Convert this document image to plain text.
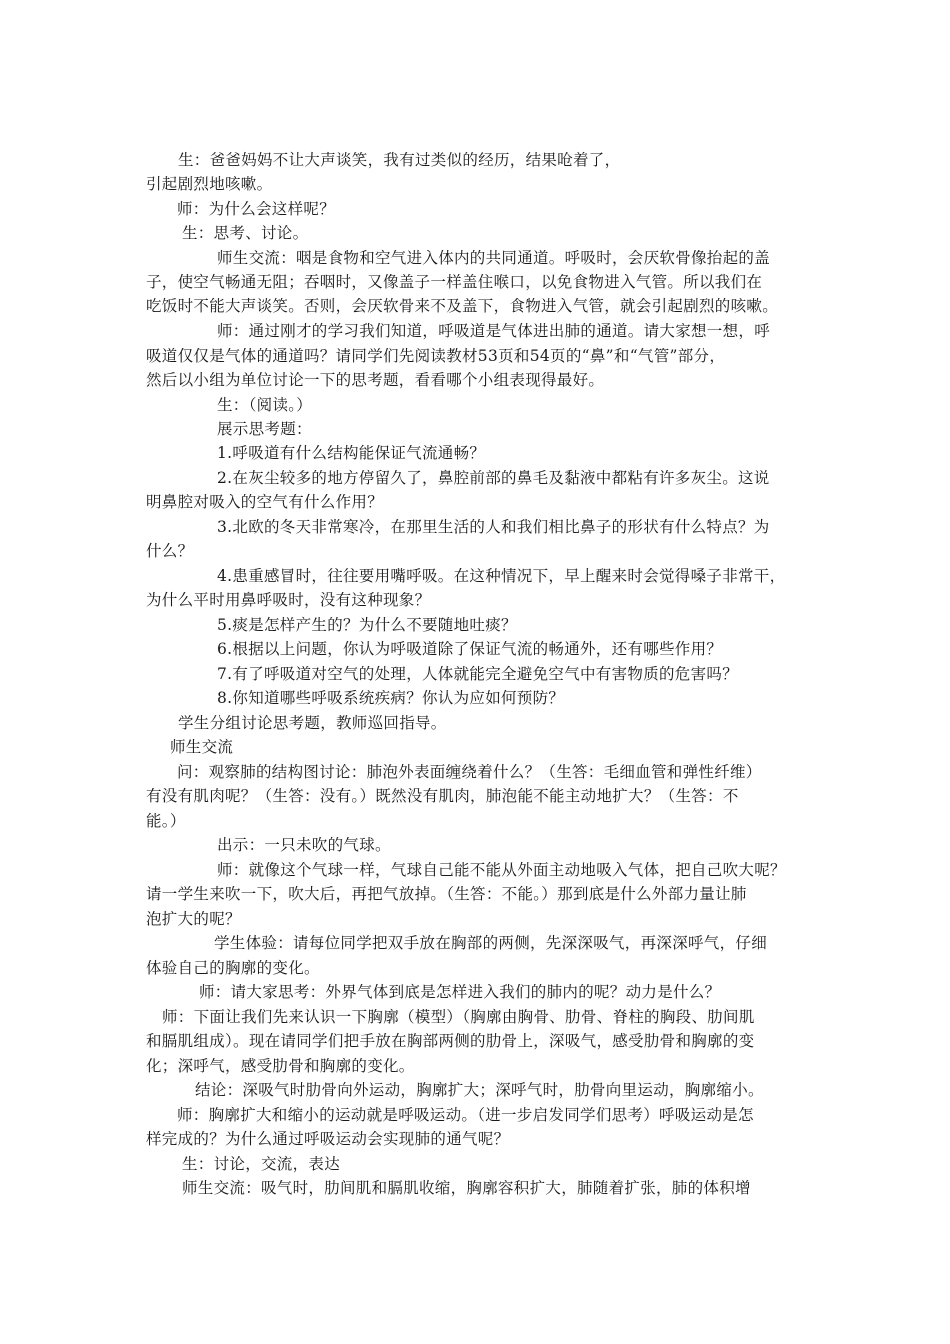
生：爸爸妈妈不让大声谈笑，我有过类似的经历，结果呛着了，
引起剧烈地咳嗽。
师：为什么会这样呢？
生：思考、讨论。
师生交流：咽是食物和空气进入体内的共同通道。呼吸时，会厌软骨像抬起的盖
子，使空气畅通无阻；吞咽时，又像盖子一样盖住喉口，以免食物进入气管。所以我们在
吃饭时不能大声谈笑。否则，会厌软骨来不及盖下，食物进入气管，就会引起剧烈的咳嗽。
师：通过刚才的学习我们知道，呼吸道是气体进出肺的通道。请大家想一想，呼
吸道仅仅是气体的通道吗？请同学们先阅读教材53页和54页的“鼻”和“气管”部分，
然后以小组为单位讨论一下的思考题，看看哪个小组表现得最好。
生：（阅读。）
展示思考题：
1.呼吸道有什么结构能保证气流通畅？
2.在灰尘较多的地方停留久了，鼻腔前部的鼻毛及黏液中都粘有许多灰尘。这说
明鼻腔对吸入的空气有什么作用？
3.北欧的冬天非常寒冷，在那里生活的人和我们相比鼻子的形状有什么特点？为
什么？
4.患重感冒时，往往要用嘴呼吸。在这种情况下，早上醒来时会觉得嗓子非常干，
为什么平时用鼻呼吸时，没有这种现象？
5.痰是怎样产生的？为什么不要随地吐痰？
6.根据以上问题，你认为呼吸道除了保证气流的畅通外，还有哪些作用？
7.有了呼吸道对空气的处理，人体就能完全避免空气中有害物质的危害吗？
8.你知道哪些呼吸系统疾病？你认为应如何预防？
学生分组讨论思考题，教师巡回指导。
师生交流
问：观察肺的结构图讨论：肺泡外表面缠绕着什么？（生答：毛细血管和弹性纤维）
有没有肌肉呢？（生答：没有。）既然没有肌肉，肺泡能不能主动地扩大？（生答：不
能。）
出示：一只未吹的气球。
师：就像这个气球一样，气球自己能不能从外面主动地吸入气体，把自己吹大呢？
请一学生来吹一下，吹大后，再把气放掉。（生答：不能。）那到底是什么外部力量让肺
泡扩大的呢？
学生体验：请每位同学把双手放在胸部的两侧，先深深吸气，再深深呼气，仔细
体验自己的胸廓的变化。
师：请大家思考：外界气体到底是怎样进入我们的肺内的呢？动力是什么？
师：下面让我们先来认识一下胸廓（模型）（胸廓由胸骨、肋骨、脊柱的胸段、肋间肌
和膈肌组成）。现在请同学们把手放在胸部两侧的肋骨上，深吸气，感受肋骨和胸廓的变
化；深呼气，感受肋骨和胸廓的变化。
结论：深吸气时肋骨向外运动，胸廓扩大；深呼气时，肋骨向里运动，胸廓缩小。
师：胸廓扩大和缩小的运动就是呼吸运动。（进一步启发同学们思考）呼吸运动是怎
样完成的？为什么通过呼吸运动会实现肺的通气呢？
生：讨论，交流，表达
师生交流：吸气时，肋间肌和膈肌收缩，胸廓容积扩大，肺随着扩张，肺的体积增
